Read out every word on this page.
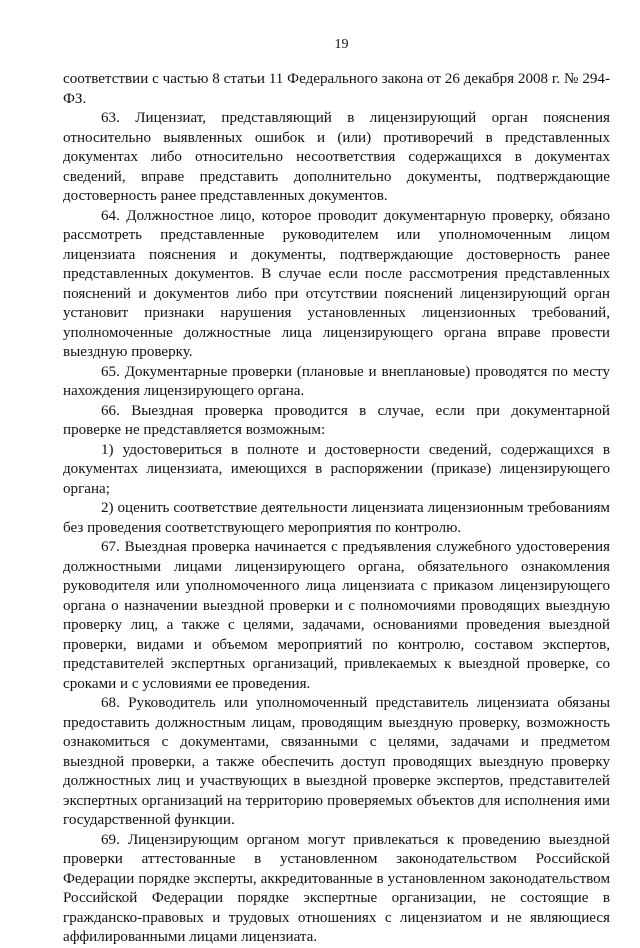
19

соответствии с частью 8 статьи 11 Федерального закона от 26 декабря 2008 г. № 294-ФЗ.

63. Лицензиат, представляющий в лицензирующий орган пояснения относительно выявленных ошибок и (или) противоречий в представленных документах либо относительно несоответствия содержащихся в документах сведений, вправе представить дополнительно документы, подтверждающие достоверность ранее представленных документов.

64. Должностное лицо, которое проводит документарную проверку, обязано рассмотреть представленные руководителем или уполномоченным лицом лицензиата пояснения и документы, подтверждающие достоверность ранее представленных документов. В случае если после рассмотрения представленных пояснений и документов либо при отсутствии пояснений лицензирующий орган установит признаки нарушения установленных лицензионных требований, уполномоченные должностные лица лицензирующего органа вправе провести выездную проверку.

65. Документарные проверки (плановые и внеплановые) проводятся по месту нахождения лицензирующего органа.

66. Выездная проверка проводится в случае, если при документарной проверке не представляется возможным:

1) удостовериться в полноте и достоверности сведений, содержащихся в документах лицензиата, имеющихся в распоряжении (приказе) лицензирующего органа;

2) оценить соответствие деятельности лицензиата лицензионным требованиям без проведения соответствующего мероприятия по контролю.

67. Выездная проверка начинается с предъявления служебного удостоверения должностными лицами лицензирующего органа, обязательного ознакомления руководителя или уполномоченного лица лицензиата с приказом лицензирующего органа о назначении выездной проверки и с полномочиями проводящих выездную проверку лиц, а также с целями, задачами, основаниями проведения выездной проверки, видами и объемом мероприятий по контролю, составом экспертов, представителей экспертных организаций, привлекаемых к выездной проверке, со сроками и с условиями ее проведения.

68. Руководитель или уполномоченный представитель лицензиата обязаны предоставить должностным лицам, проводящим выездную проверку, возможность ознакомиться с документами, связанными с целями, задачами и предметом выездной проверки, а также обеспечить доступ проводящих выездную проверку должностных лиц и участвующих в выездной проверке экспертов, представителей экспертных организаций на территорию проверяемых объектов для исполнения ими государственной функции.

69. Лицензирующим органом могут привлекаться к проведению выездной проверки аттестованные в установленном законодательством Российской Федерации порядке эксперты, аккредитованные в установленном законодательством Российской Федерации порядке экспертные организации, не состоящие в гражданско-правовых и трудовых отношениях с лицензиатом и не являющиеся аффилированными лицами лицензиата.
